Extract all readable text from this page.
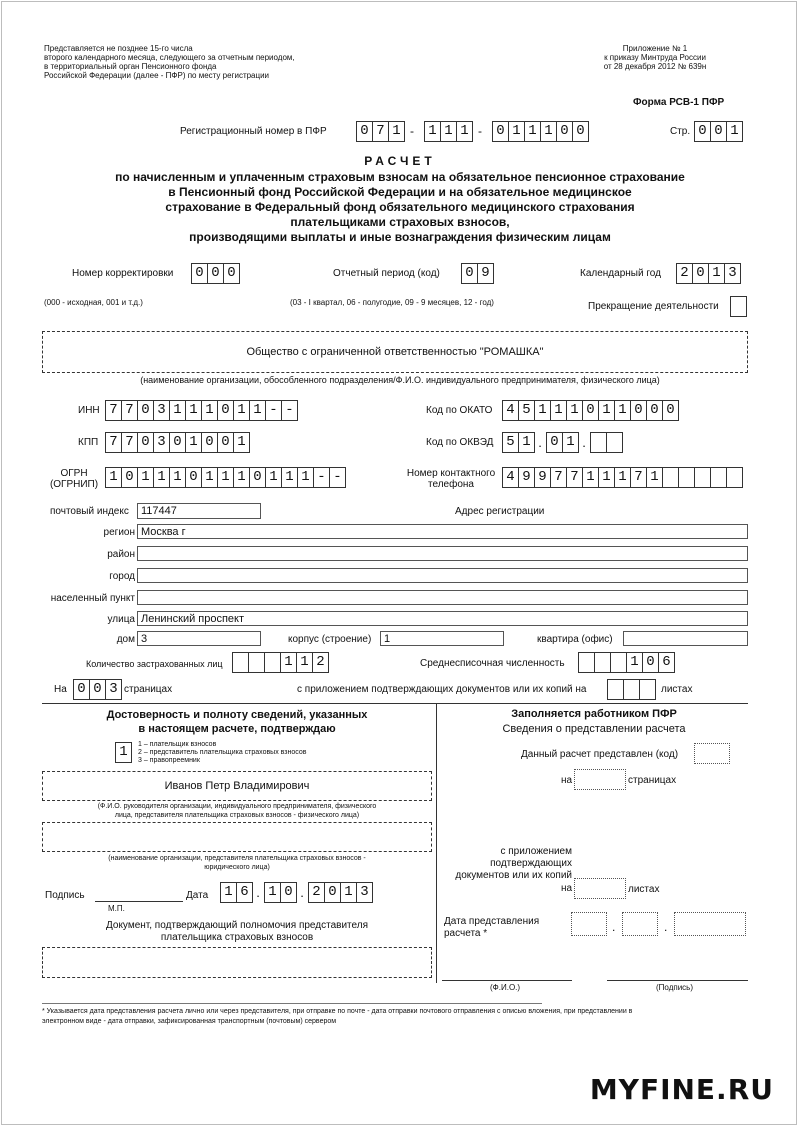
Представляется не позднее 15-го числа
второго календарного месяца, следующего за отчетным периодом,
в территориальный орган Пенсионного фонда
Российской Федерации (далее - ПФР) по месту регистрации
Приложение № 1
к приказу Минтруда России
от 28 декабря 2012 № 639н
Форма РСВ-1 ПФР
Регистрационный номер в ПФР	0 7 1 -	1 1 1 -	0 1 1 1 0 0	Стр. 0 0 1
РАСЧЕТ
по начисленным и уплаченным страховым взносам на обязательное пенсионное страхование
в Пенсионный фонд Российской Федерации и на обязательное медицинское
страхование в Федеральный фонд обязательного медицинского страхования
плательщиками страховых взносов,
производящими выплаты и иные вознаграждения физическим лицам
Номер корректировки	0 0 0
(000 - исходная, 001 и т.д.)
Отчетный период (код)	0 9
(03 - I квартал, 06 - полугодие, 09 - 9 месяцев, 12 - год)
Календарный год	2 0 1 3
Прекращение деятельности
Общество с ограниченной ответственностью "РОМАШКА"
(наименование организации, обособленного подразделения/Ф.И.О. индивидуального предпринимателя, физического лица)
ИНН 7 7 0 3 1 1 1 0 1 1 - -
КПП 7 7 0 3 0 1 0 0 1
ОГРН
(ОГРНИП) 1 0 1 1 1 0 1 1 1 0 1 1 1 - -
Код по ОКАТО 4 5 1 1 1 0 1 1 0 0 0
Код по ОКВЭД 5 1 . 0 1 .
Номер контактного
телефона	4 9 9 7 7 1 1 1 7 1
почтовый индекс	117447	Адрес регистрации
регион Москва г
район
город
населенный пункт
улица Ленинский проспект
дом 3	корпус (строение)	1	квартира (офис)
Количество застрахованных лиц	1 1 2	Среднесписочная численность	1 0 6
На 0 0 3 страницах	с приложением подтверждающих документов или их копий на	листах
Достоверность и полноту сведений, указанных
в настоящем расчете, подтверждаю
1	1 – плательщик взносов
2 – представитель плательщика страховых взносов
3 – правопреемник
Иванов Петр Владимирович
(Ф.И.О. руководителя организации, индивидуального предпринимателя, физического
лица, представителя плательщика страховых взносов - физического лица)
(наименование организации, представителя плательщика страховых взносов -
юридического лица)
Подпись	Дата	1 6 . 1 0 . 2 0 1 3
М.П.
Документ, подтверждающий полномочия представителя
плательщика страховых взносов
Заполняется работником ПФР
Сведения о представлении расчета
Данный расчет представлен (код)
на	страницах
с приложением
подтверждающих
документов или их копий
на	листах
Дата представления
расчета *	.	.
(Ф.И.О.)	(Подпись)
* Указывается дата представления расчета лично или через представителя, при отправке по почте - дата отправки почтового отправления с описью вложения, при представлении в
электронном виде - дата отправки, зафиксированная транспортным (почтовым) сервером
MYFINE.RU
